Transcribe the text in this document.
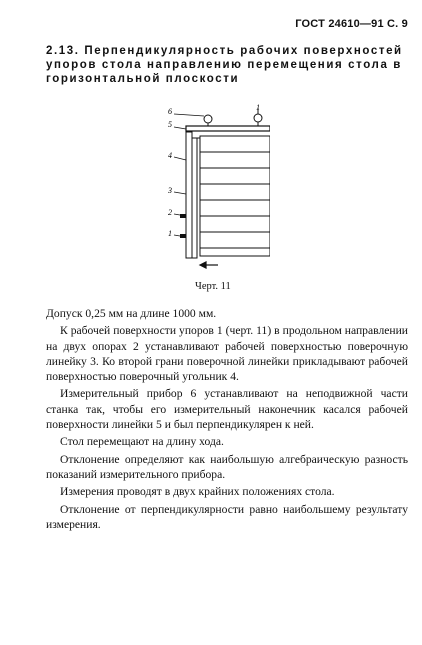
ГОСТ 24610—91 С. 9
2.13. Перпендикулярность рабочих поверхностей упоров стола направлению перемещения стола в горизонтальной плоскости
6
5
4
3
2
1
1
Черт. 11

Допуск 0,25 мм на длине 1000 мм.

К рабочей поверхности упоров 1 (черт. 11) в продольном направлении на двух опорах 2 устанавливают рабочей поверхностью поверочную линейку 3. Ко второй грани поверочной линейки прикладывают рабочей поверхностью поверочный угольник 4.

Измерительный прибор 6 устанавливают на неподвижной части станка так, чтобы его измерительный наконечник касался рабочей поверхности линейки 5 и был перпендикулярен к ней.

Стол перемещают на длину хода.

Отклонение определяют как наибольшую алгебраическую разность показаний измерительного прибора.

Измерения проводят в двух крайних положениях стола.

Отклонение от перпендикулярности равно наибольшему результату измерения.
